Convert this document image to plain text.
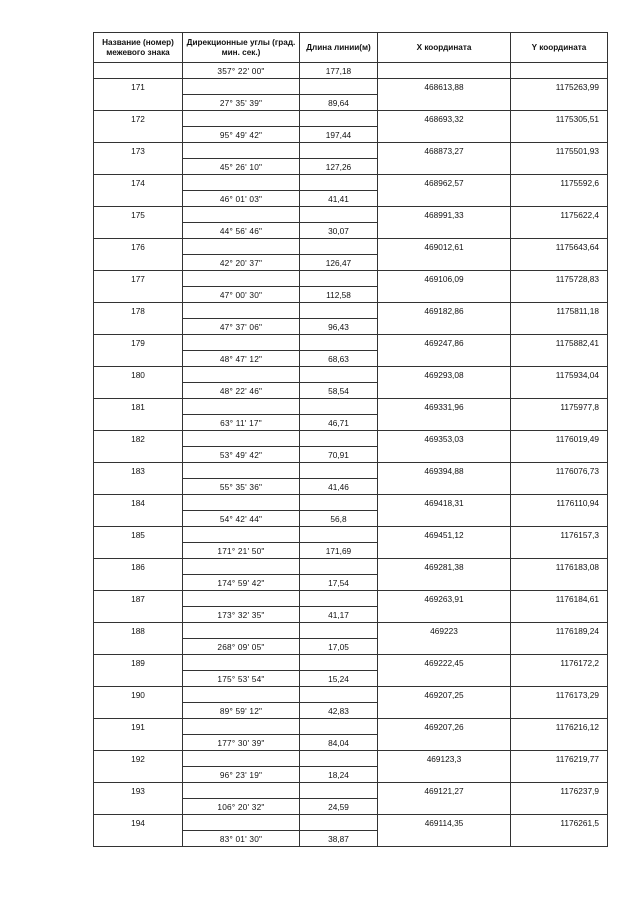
Название (номер) межевого знака	Дирекционные углы (град. мин. сек.)	Длина линии(м)	X координата	Y координата
	357° 22' 00"	177,18		
171			468613,88	1175263,99
	27° 35' 39"	89,64		
172			468693,32	1175305,51
	95° 49' 42"	197,44		
173			468873,27	1175501,93
	45° 26' 10"	127,26		
174			468962,57	1175592,6
	46° 01' 03"	41,41		
175			468991,33	1175622,4
	44° 56' 46"	30,07		
176			469012,61	1175643,64
	42° 20' 37"	126,47		
177			469106,09	1175728,83
	47° 00' 30"	112,58		
178			469182,86	1175811,18
	47° 37' 06"	96,43		
179			469247,86	1175882,41
	48° 47' 12"	68,63		
180			469293,08	1175934,04
	48° 22' 46"	58,54		
181			469331,96	1175977,8
	63° 11' 17"	46,71		
182			469353,03	1176019,49
	53° 49' 42"	70,91		
183			469394,88	1176076,73
	55° 35' 36"	41,46		
184			469418,31	1176110,94
	54° 42' 44"	56,8		
185			469451,12	1176157,3
	171° 21' 50"	171,69		
186			469281,38	1176183,08
	174° 59' 42"	17,54		
187			469263,91	1176184,61
	173° 32' 35"	41,17		
188			469223	1176189,24
	268° 09' 05"	17,05		
189			469222,45	1176172,2
	175° 53' 54"	15,24		
190			469207,25	1176173,29
	89° 59' 12"	42,83		
191			469207,26	1176216,12
	177° 30' 39"	84,04		
192			469123,3	1176219,77
	96° 23' 19"	18,24		
193			469121,27	1176237,9
	106° 20' 32"	24,59		
194			469114,35	1176261,5
	83° 01' 30"	38,87		
